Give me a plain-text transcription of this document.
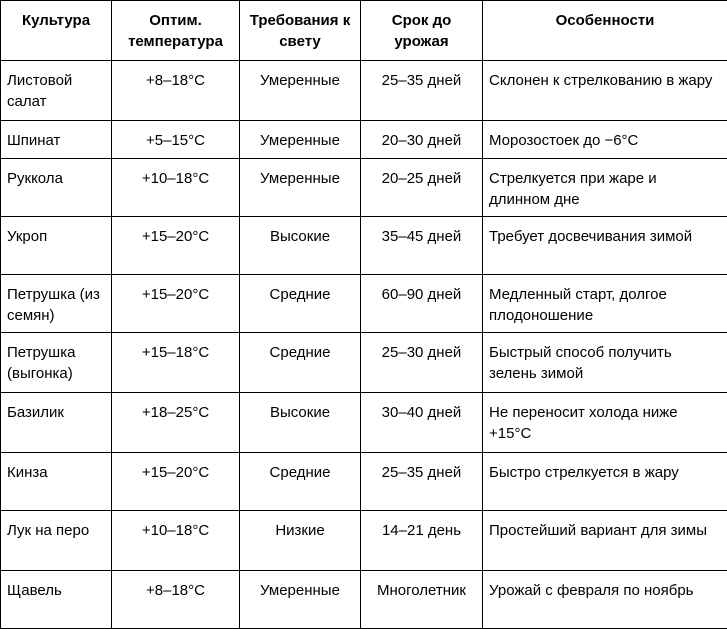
Культура	Оптим. температура	Требования к свету	Срок до урожая	Особенности
Листовой салат	+8–18°C	Умеренные	25–35 дней	Склонен к стрелкованию в жару
Шпинат	+5–15°C	Умеренные	20–30 дней	Морозостоек до −6°C
Руккола	+10–18°C	Умеренные	20–25 дней	Стрелкуется при жаре и длинном дне
Укроп	+15–20°C	Высокие	35–45 дней	Требует досвечивания зимой
Петрушка (из семян)	+15–20°C	Средние	60–90 дней	Медленный старт, долгое плодоношение
Петрушка (выгонка)	+15–18°C	Средние	25–30 дней	Быстрый способ получить зелень зимой
Базилик	+18–25°C	Высокие	30–40 дней	Не переносит холода ниже +15°C
Кинза	+15–20°C	Средние	25–35 дней	Быстро стрелкуется в жару
Лук на перо	+10–18°C	Низкие	14–21 день	Простейший вариант для зимы
Щавель	+8–18°C	Умеренные	Многолетник	Урожай с февраля по ноябрь
